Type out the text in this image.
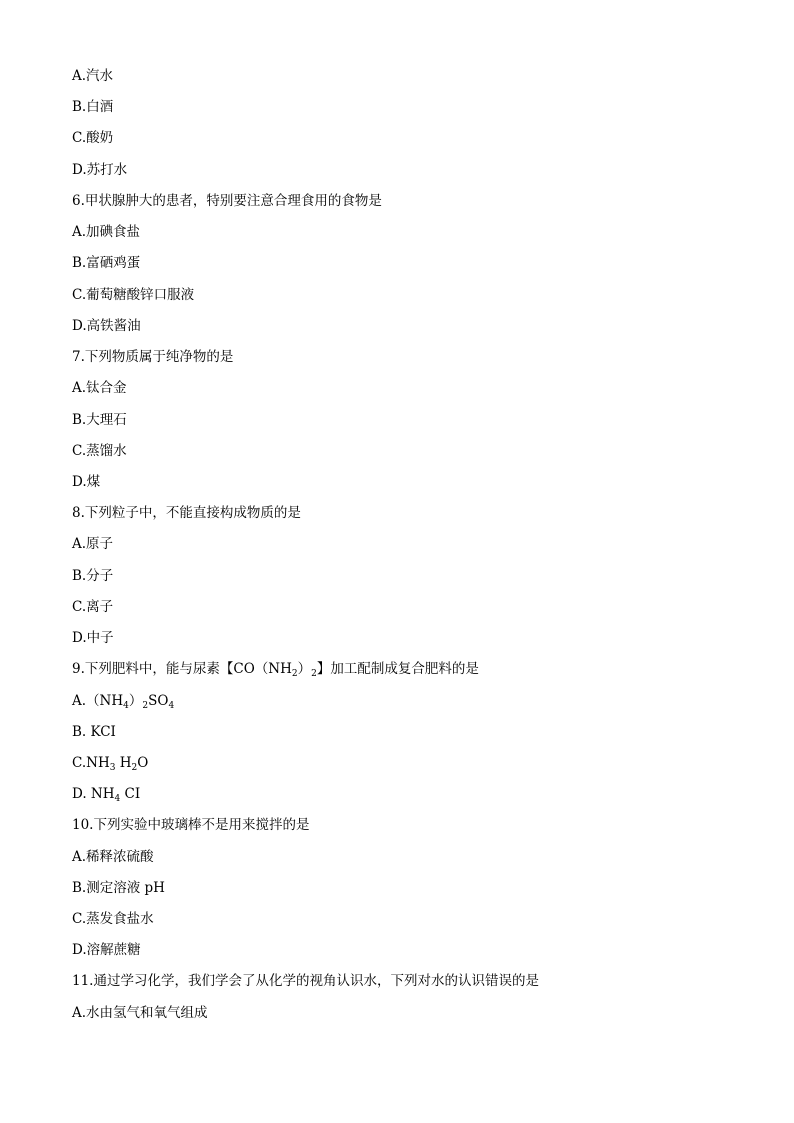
A.汽水
B.白酒
C.酸奶
D.苏打水
6.甲状腺肿大的患者，特别要注意合理食用的食物是
A.加碘食盐
B.富硒鸡蛋
C.葡萄糖酸锌口服液
D.高铁酱油
7.下列物质属于纯净物的是
A.钛合金
B.大理石
C.蒸馏水
D.煤
8.下列粒子中，不能直接构成物质的是
A.原子
B.分子
C.离子
D.中子
9.下列肥料中，能与尿素【$CO(NH_2)_2$】加工配制成复合肥料的是
$A.(NH_4)_2SO_4$
B. KCI
$C.NH_3$ $H_2O$
D. $NH_4$ CI
10.下列实验中玻璃棒不是用来搅拌的是
A.稀释浓硫酸
B.测定溶液 pH
C.蒸发食盐水
D.溶解蔗糖
11.通过学习化学，我们学会了从化学的视角认识水，下列对水的认识错误的是
A.水由氢气和氧气组成
